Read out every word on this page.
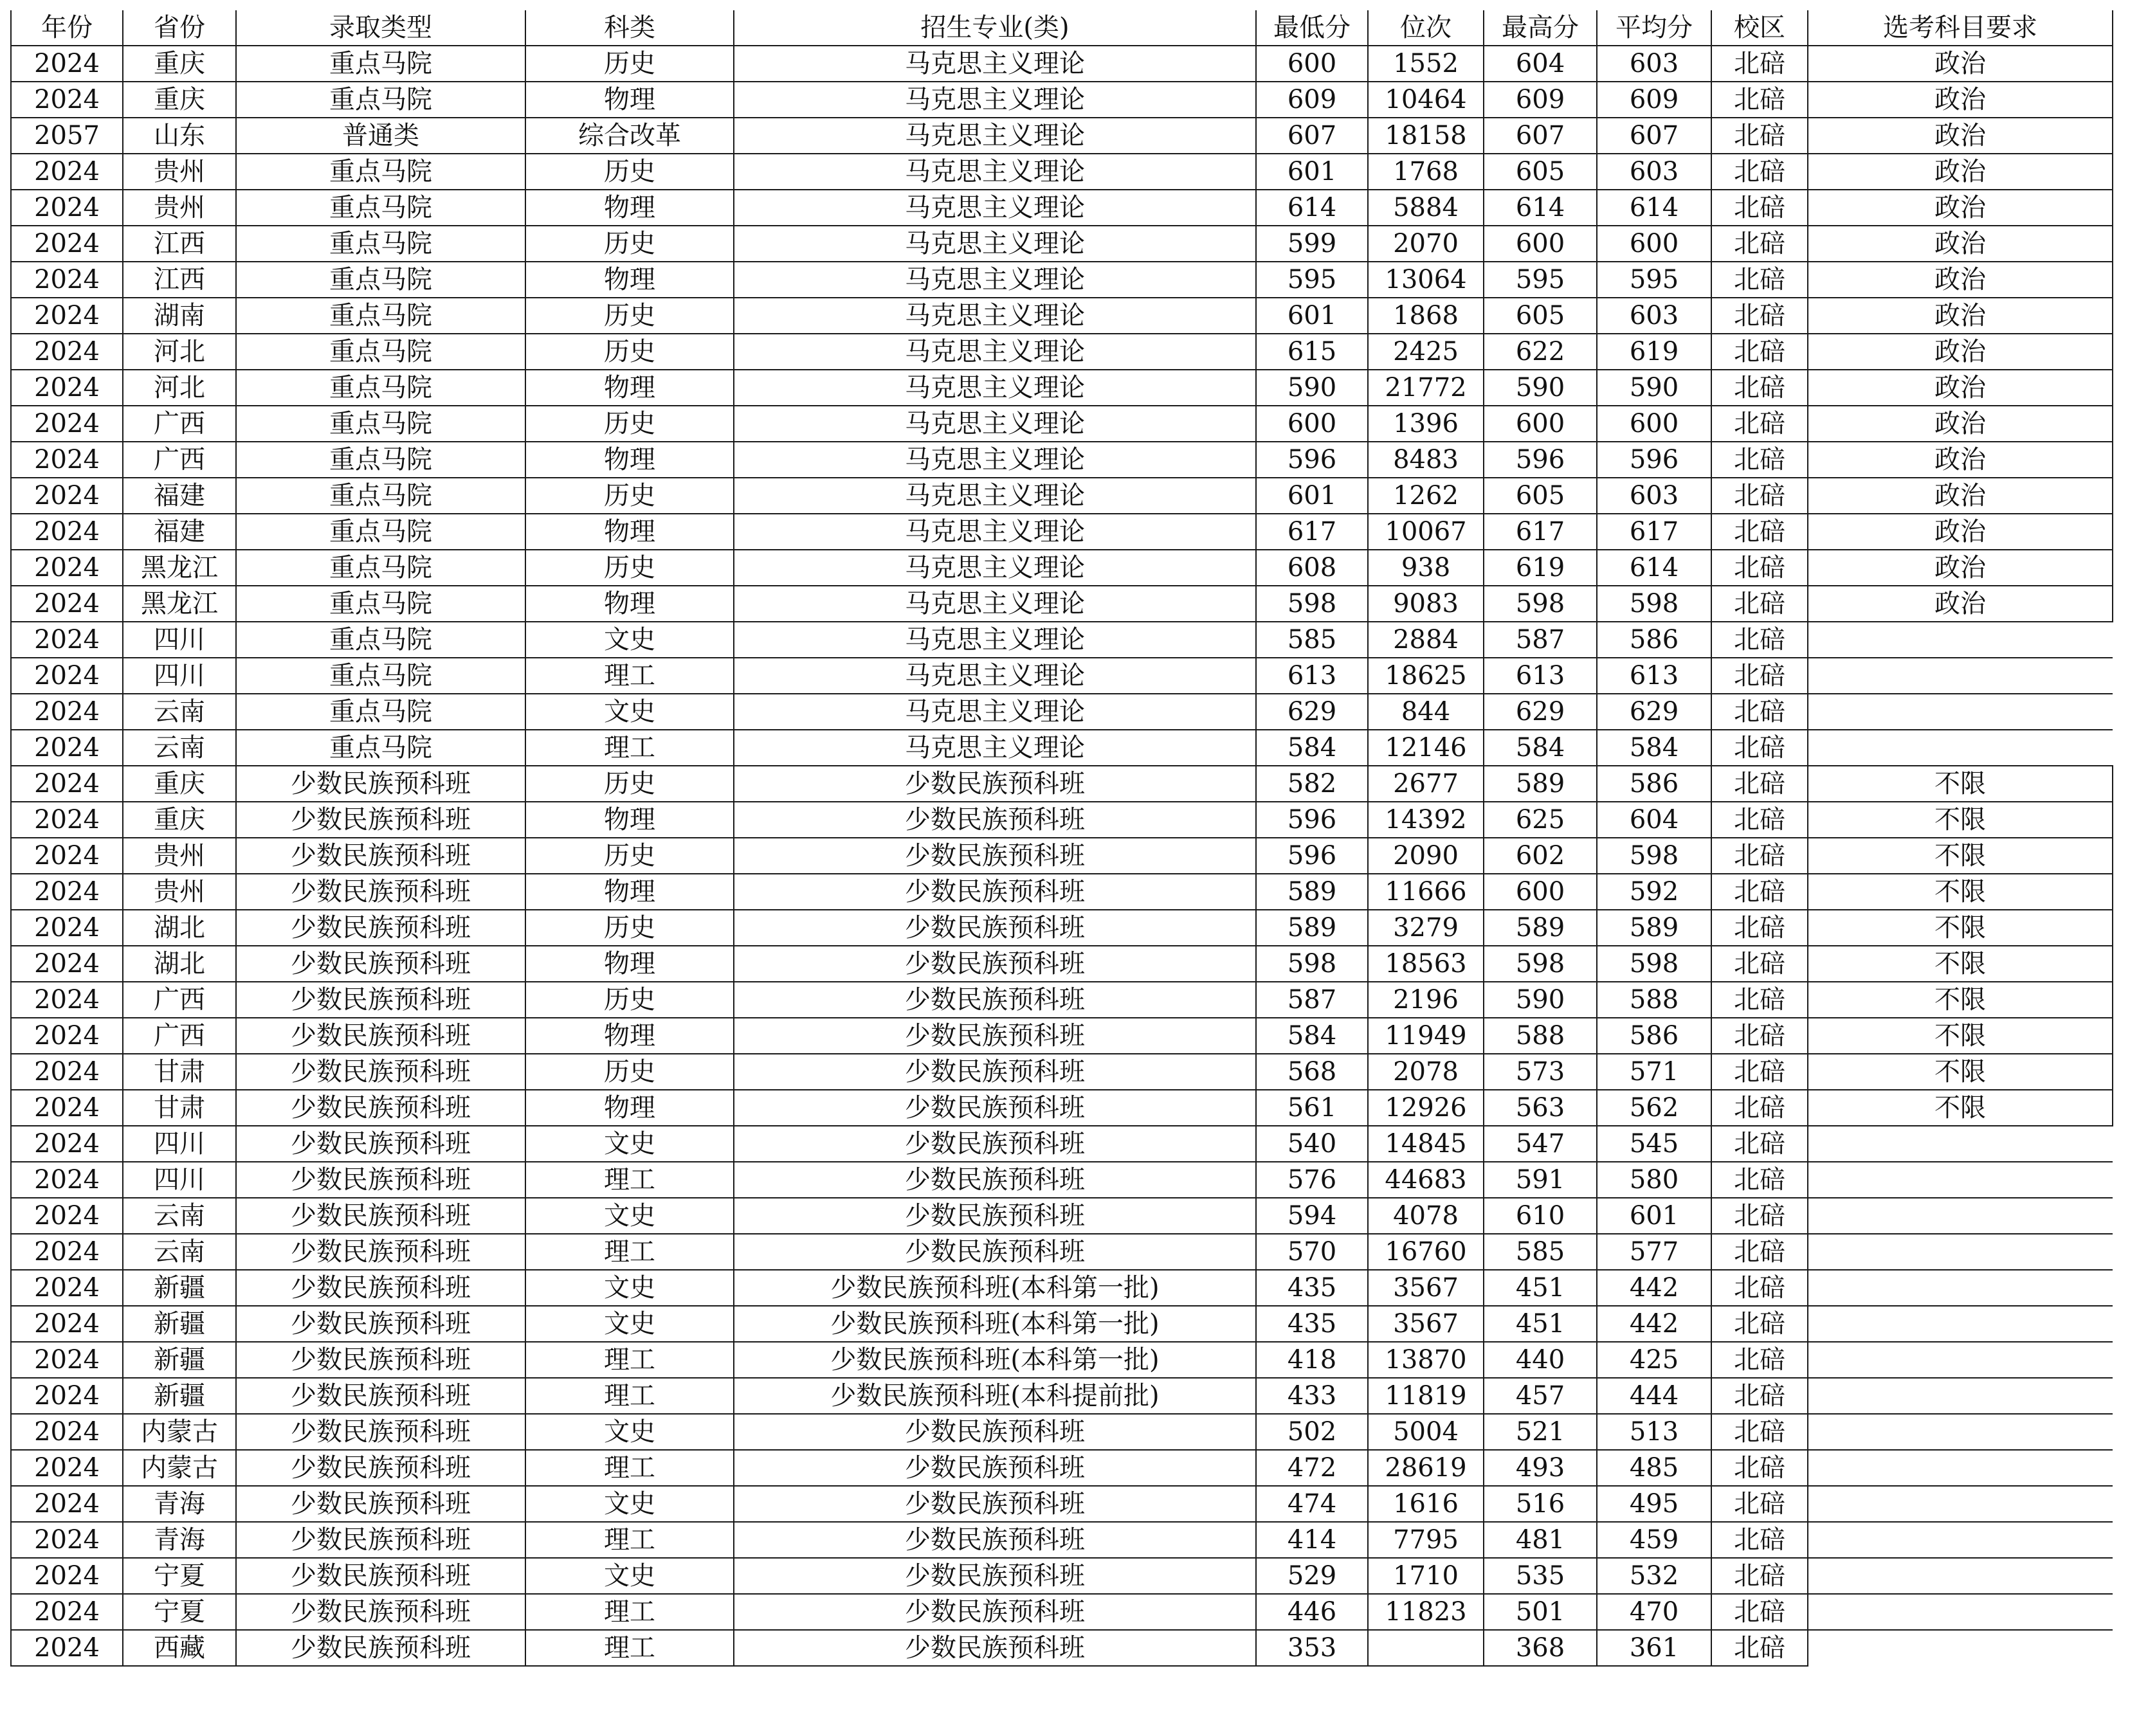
年份	省份	录取类型	科类	招生专业(类)	最低分	位次	最高分	平均分	校区	选考科目要求
2024	重庆	重点马院	历史	马克思主义理论	600	1552	604	603	北碚	政治
2024	重庆	重点马院	物理	马克思主义理论	609	10464	609	609	北碚	政治
2057	山东	普通类	综合改革	马克思主义理论	607	18158	607	607	北碚	政治
2024	贵州	重点马院	历史	马克思主义理论	601	1768	605	603	北碚	政治
2024	贵州	重点马院	物理	马克思主义理论	614	5884	614	614	北碚	政治
2024	江西	重点马院	历史	马克思主义理论	599	2070	600	600	北碚	政治
2024	江西	重点马院	物理	马克思主义理论	595	13064	595	595	北碚	政治
2024	湖南	重点马院	历史	马克思主义理论	601	1868	605	603	北碚	政治
2024	河北	重点马院	历史	马克思主义理论	615	2425	622	619	北碚	政治
2024	河北	重点马院	物理	马克思主义理论	590	21772	590	590	北碚	政治
2024	广西	重点马院	历史	马克思主义理论	600	1396	600	600	北碚	政治
2024	广西	重点马院	物理	马克思主义理论	596	8483	596	596	北碚	政治
2024	福建	重点马院	历史	马克思主义理论	601	1262	605	603	北碚	政治
2024	福建	重点马院	物理	马克思主义理论	617	10067	617	617	北碚	政治
2024	黑龙江	重点马院	历史	马克思主义理论	608	938	619	614	北碚	政治
2024	黑龙江	重点马院	物理	马克思主义理论	598	9083	598	598	北碚	政治
2024	四川	重点马院	文史	马克思主义理论	585	2884	587	586	北碚	
2024	四川	重点马院	理工	马克思主义理论	613	18625	613	613	北碚	
2024	云南	重点马院	文史	马克思主义理论	629	844	629	629	北碚	
2024	云南	重点马院	理工	马克思主义理论	584	12146	584	584	北碚	
2024	重庆	少数民族预科班	历史	少数民族预科班	582	2677	589	586	北碚	不限
2024	重庆	少数民族预科班	物理	少数民族预科班	596	14392	625	604	北碚	不限
2024	贵州	少数民族预科班	历史	少数民族预科班	596	2090	602	598	北碚	不限
2024	贵州	少数民族预科班	物理	少数民族预科班	589	11666	600	592	北碚	不限
2024	湖北	少数民族预科班	历史	少数民族预科班	589	3279	589	589	北碚	不限
2024	湖北	少数民族预科班	物理	少数民族预科班	598	18563	598	598	北碚	不限
2024	广西	少数民族预科班	历史	少数民族预科班	587	2196	590	588	北碚	不限
2024	广西	少数民族预科班	物理	少数民族预科班	584	11949	588	586	北碚	不限
2024	甘肃	少数民族预科班	历史	少数民族预科班	568	2078	573	571	北碚	不限
2024	甘肃	少数民族预科班	物理	少数民族预科班	561	12926	563	562	北碚	不限
2024	四川	少数民族预科班	文史	少数民族预科班	540	14845	547	545	北碚	
2024	四川	少数民族预科班	理工	少数民族预科班	576	44683	591	580	北碚	
2024	云南	少数民族预科班	文史	少数民族预科班	594	4078	610	601	北碚	
2024	云南	少数民族预科班	理工	少数民族预科班	570	16760	585	577	北碚	
2024	新疆	少数民族预科班	文史	少数民族预科班(本科第一批)	435	3567	451	442	北碚	
2024	新疆	少数民族预科班	文史	少数民族预科班(本科第一批)	435	3567	451	442	北碚	
2024	新疆	少数民族预科班	理工	少数民族预科班(本科第一批)	418	13870	440	425	北碚	
2024	新疆	少数民族预科班	理工	少数民族预科班(本科提前批)	433	11819	457	444	北碚	
2024	内蒙古	少数民族预科班	文史	少数民族预科班	502	5004	521	513	北碚	
2024	内蒙古	少数民族预科班	理工	少数民族预科班	472	28619	493	485	北碚	
2024	青海	少数民族预科班	文史	少数民族预科班	474	1616	516	495	北碚	
2024	青海	少数民族预科班	理工	少数民族预科班	414	7795	481	459	北碚	
2024	宁夏	少数民族预科班	文史	少数民族预科班	529	1710	535	532	北碚	
2024	宁夏	少数民族预科班	理工	少数民族预科班	446	11823	501	470	北碚	
2024	西藏	少数民族预科班	理工	少数民族预科班	353		368	361	北碚	
